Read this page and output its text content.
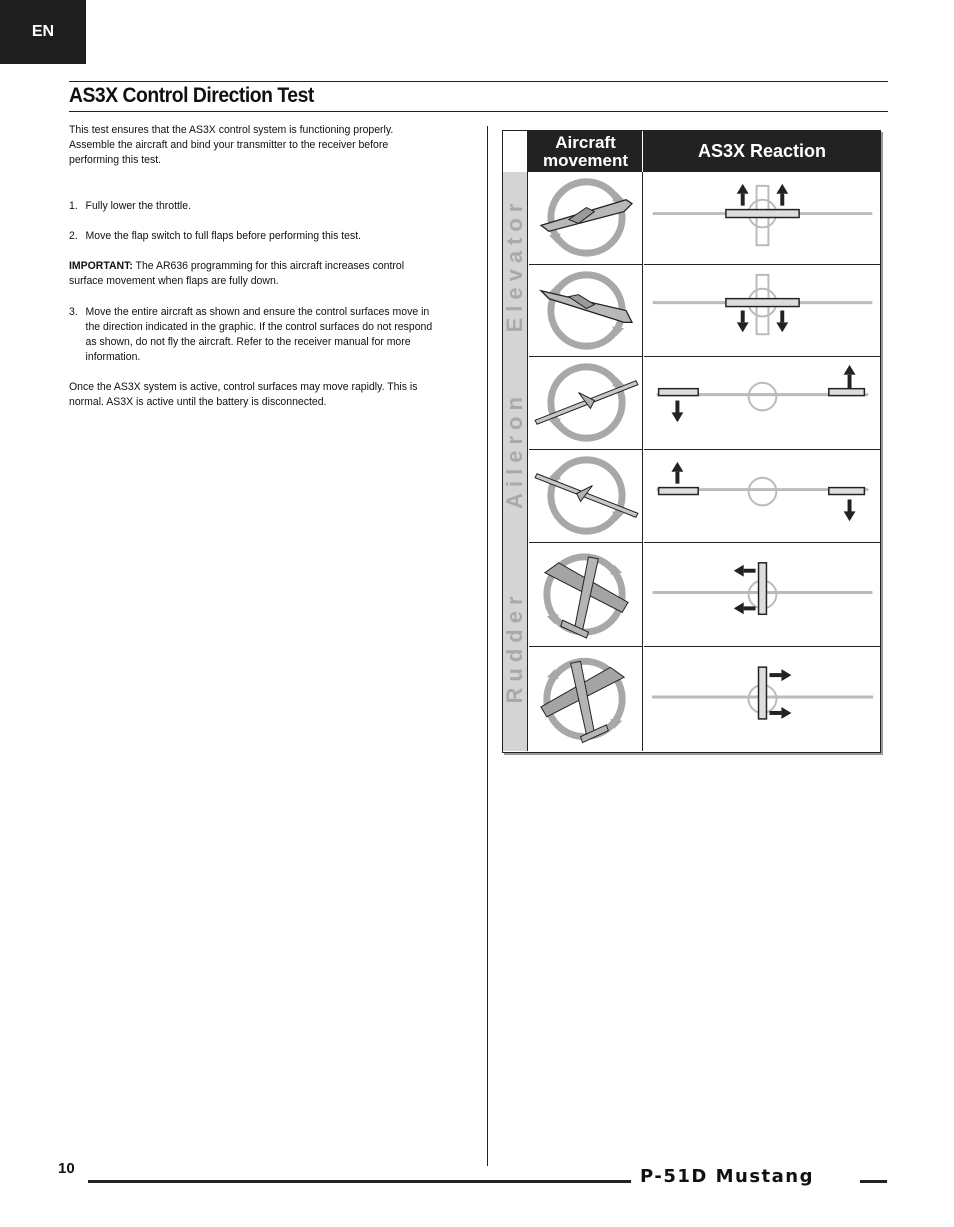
EN
AS3X Control Direction Test

This test ensures that the AS3X control system is functioning properly. Assemble the aircraft and bind your transmitter to the receiver before performing this test.

1. Fully lower the throttle.
2. Move the flap switch to full flaps before performing this test.

IMPORTANT: The AR636 programming for this aircraft increases control surface movement when flaps are fully down.

3. Move the entire aircraft as shown and ensure the control surfaces move in the direction indicated in the graphic. If the control surfaces do not respond as shown, do not fly the aircraft. Refer to the receiver manual for more information.

Once the AS3X system is active, control surfaces may move rapidly. This is normal. AS3X is active until the battery is disconnected.

Aircraft movement	AS3X Reaction
Elevator
Aileron
Rudder
10	P-51D Mustang
